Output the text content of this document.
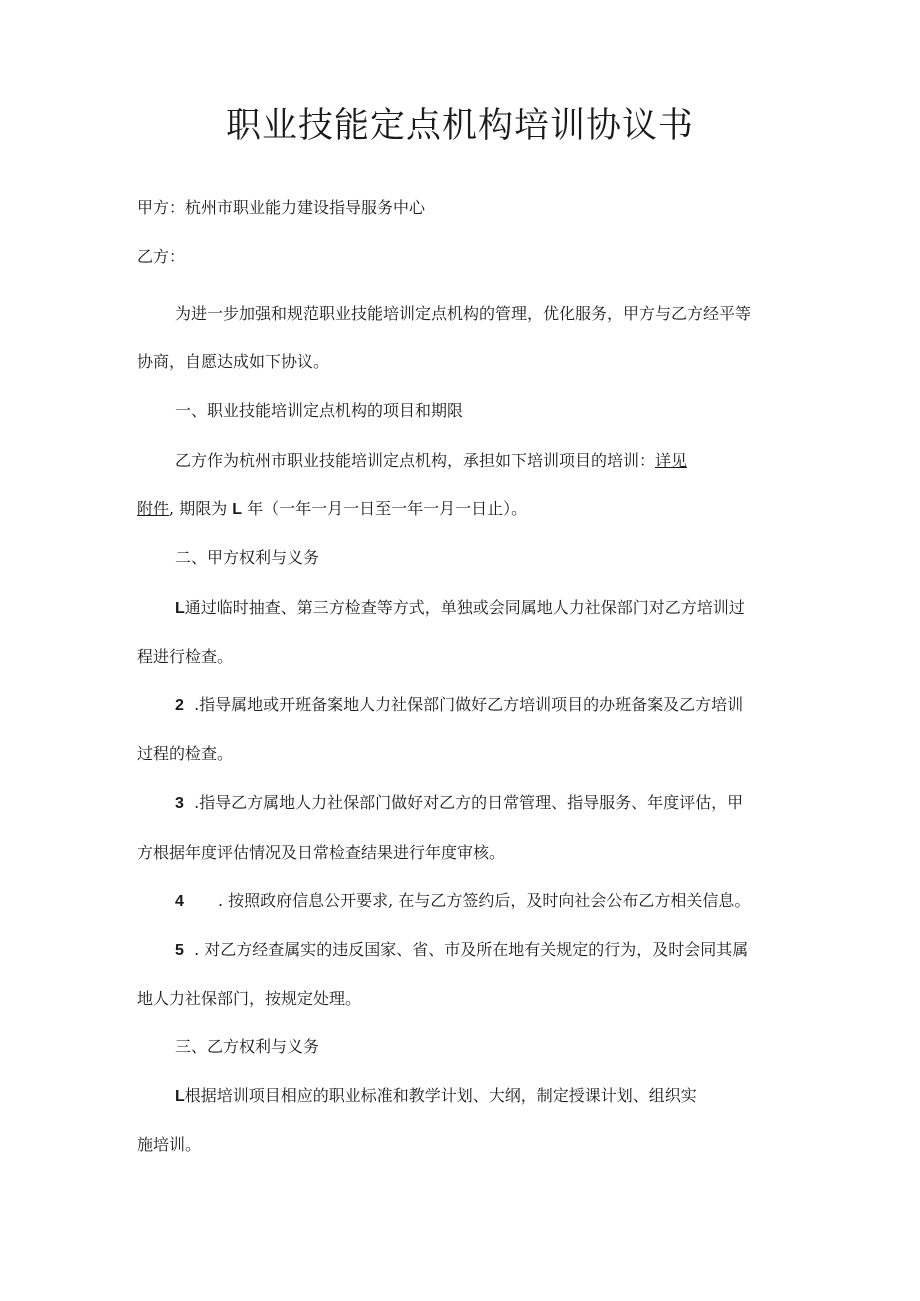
职业技能定点机构培训协议书
甲方：杭州市职业能力建设指导服务中心
乙方：
为进一步加强和规范职业技能培训定点机构的管理，优化服务，甲方与乙方经平等
协商，自愿达成如下协议。
一、职业技能培训定点机构的项目和期限
乙方作为杭州市职业技能培训定点机构，承担如下培训项目的培训：详见
附件, 期限为 L 年（一年一月一日至一年一月一日止）。
二、甲方权利与义务
L通过临时抽查、第三方检查等方式，单独或会同属地人力社保部门对乙方培训过
程进行检查。
2 .指导属地或开班备案地人力社保部门做好乙方培训项目的办班备案及乙方培训
过程的检查。
3 .指导乙方属地人力社保部门做好对乙方的日常管理、指导服务、年度评估，甲
方根据年度评估情况及日常检查结果进行年度审核。
4 . 按照政府信息公开要求, 在与乙方签约后，及时向社会公布乙方相关信息。
5 . 对乙方经查属实的违反国家、省、市及所在地有关规定的行为，及时会同其属
地人力社保部门，按规定处理。
三、乙方权利与义务
L根据培训项目相应的职业标准和教学计划、大纲，制定授课计划、组织实
施培训。
